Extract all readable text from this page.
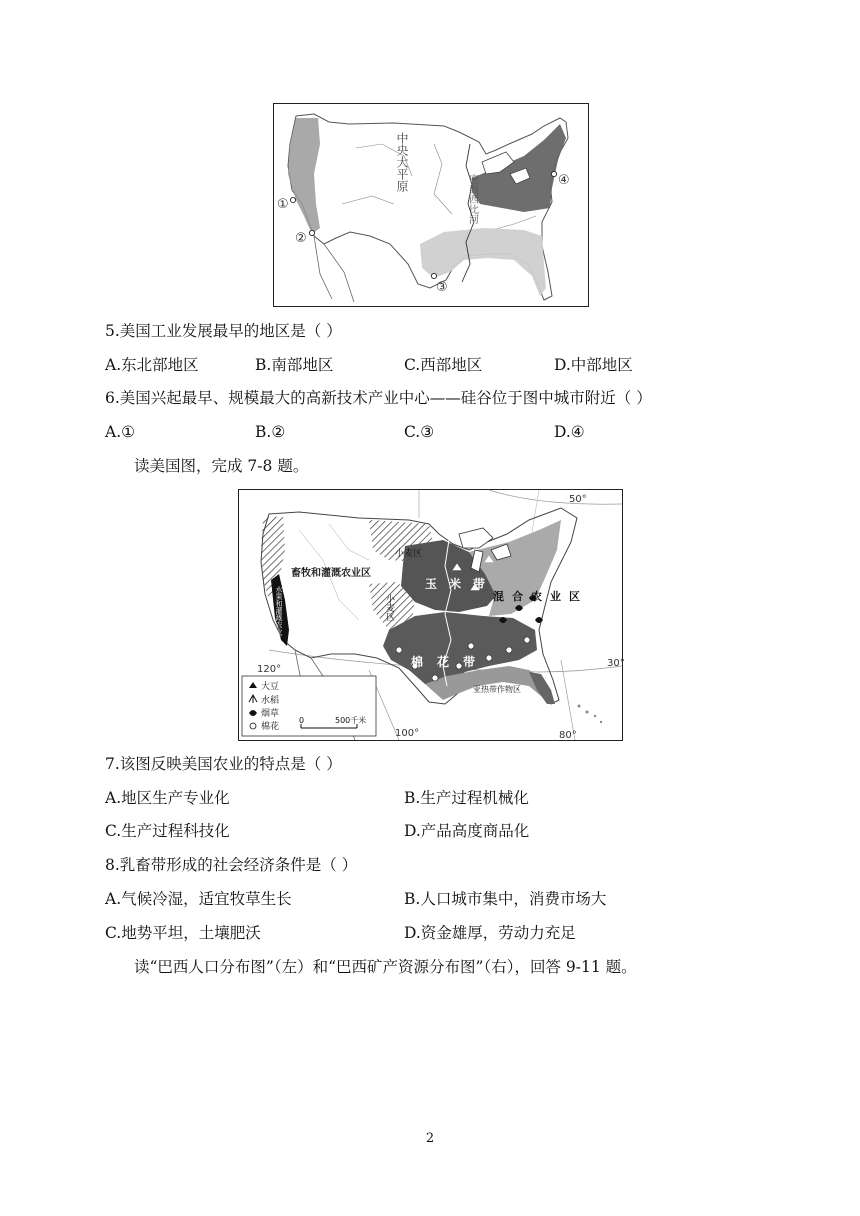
①
②
③
④
中央大平原
密西西比河
5.美国工业发展最早的地区是（ ）
A.东北部地区	B.南部地区	C.西部地区	D.中部地区
6.美国兴起最早、规模最大的高新技术产业中心——硅谷位于图中城市附近（ ）
A.①	B.②	C.③	D.④
读美国图，完成 7-8 题。
畜牧和灌溉农业区
小麦区
小麦区
玉米带
混合农业区
棉花带
亚热带作物区
水果和灌溉农业区
50°
30°
120°
100°	80°
大豆
水稻
烟草
棉花
0	500千米
7.该图反映美国农业的特点是（ ）
A.地区生产专业化	B.生产过程机械化
C.生产过程科技化	D.产品高度商品化
8.乳畜带形成的社会经济条件是（ ）
A.气候冷湿，适宜牧草生长	B.人口城市集中，消费市场大
C.地势平坦，土壤肥沃	D.资金雄厚，劳动力充足
读“巴西人口分布图”（左）和“巴西矿产资源分布图”（右），回答 9-11 题。
2
